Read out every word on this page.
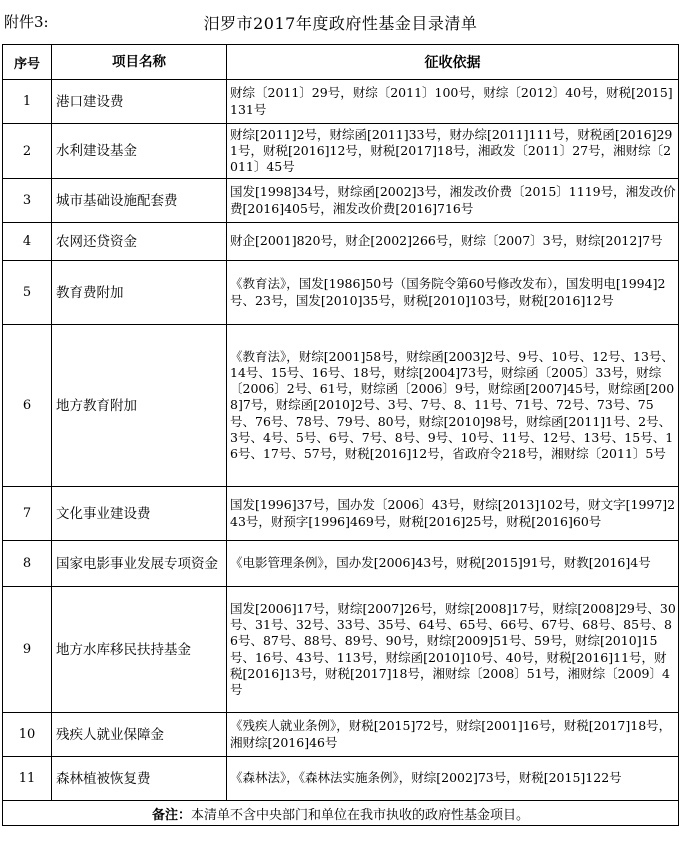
附件3:	汨罗市2017年度政府性基金目录清单
序号	项目名称	征收依据
1	港口建设费	财综〔2011〕29号，财综〔2011〕100号，财综〔2012〕40号，财税[2015]131号
2	水利建设基金	财综[2011]2号，财综函[2011]33号，财办综[2011]111号，财税函[2016]291号，财税[2016]12号，财税[2017]18号，湘政发〔2011〕27号，湘财综〔2011〕45号
3	城市基础设施配套费	国发[1998]34号，财综函[2002]3号，湘发改价费〔2015〕1119号，湘发改价费[2016]405号，湘发改价费[2016]716号
4	农网还贷资金	财企[2001]820号，财企[2002]266号，财综〔2007〕3号，财综[2012]7号
5	教育费附加	《教育法》，国发[1986]50号（国务院令第60号修改发布），国发明电[1994]2号、23号，国发[2010]35号，财税[2010]103号，财税[2016]12号
6	地方教育附加	《教育法》，财综[2001]58号，财综函[2003]2号、9号、10号、12号、13号、14号、15号、16号、18号，财综[2004]73号，财综函〔2005〕33号，财综〔2006〕2号、61号，财综函〔2006〕9号，财综函[2007]45号，财综函[2008]7号，财综函[2010]2号、3号、7号、8、11号、71号、72号、73号、75号、76号、78号、79号、80号，财综[2010]98号，财综函[2011]1号、2号、3号、4号、5号、6号、7号、8号、9号、10号、11号、12号、13号、15号、16号、17号、57号，财税[2016]12号，省政府令218号，湘财综〔2011〕5号
7	文化事业建设费	国发[1996]37号，国办发〔2006〕43号，财综[2013]102号，财文字[1997]243号，财预字[1996]469号，财税[2016]25号，财税[2016]60号
8	国家电影事业发展专项资金	《电影管理条例》，国办发[2006]43号，财税[2015]91号，财教[2016]4号
9	地方水库移民扶持基金	国发[2006]17号，财综[2007]26号，财综[2008]17号，财综[2008]29号、30号、31号、32号、33号、35号、64号、65号、66号、67号、68号、85号、86号、87号、88号、89号、90号，财综[2009]51号、59号，财综[2010]15号、16号、43号、113号，财综函[2010]10号、40号，财税[2016]11号，财税[2016]13号，财税[2017]18号，湘财综〔2008〕51号，湘财综〔2009〕4号
10	残疾人就业保障金	《残疾人就业条例》，财税[2015]72号，财综[2001]16号，财税[2017]18号，湘财综[2016]46号
11	森林植被恢复费	《森林法》，《森林法实施条例》，财综[2002]73号，财税[2015]122号
备注：本清单不含中央部门和单位在我市执收的政府性基金项目。		
